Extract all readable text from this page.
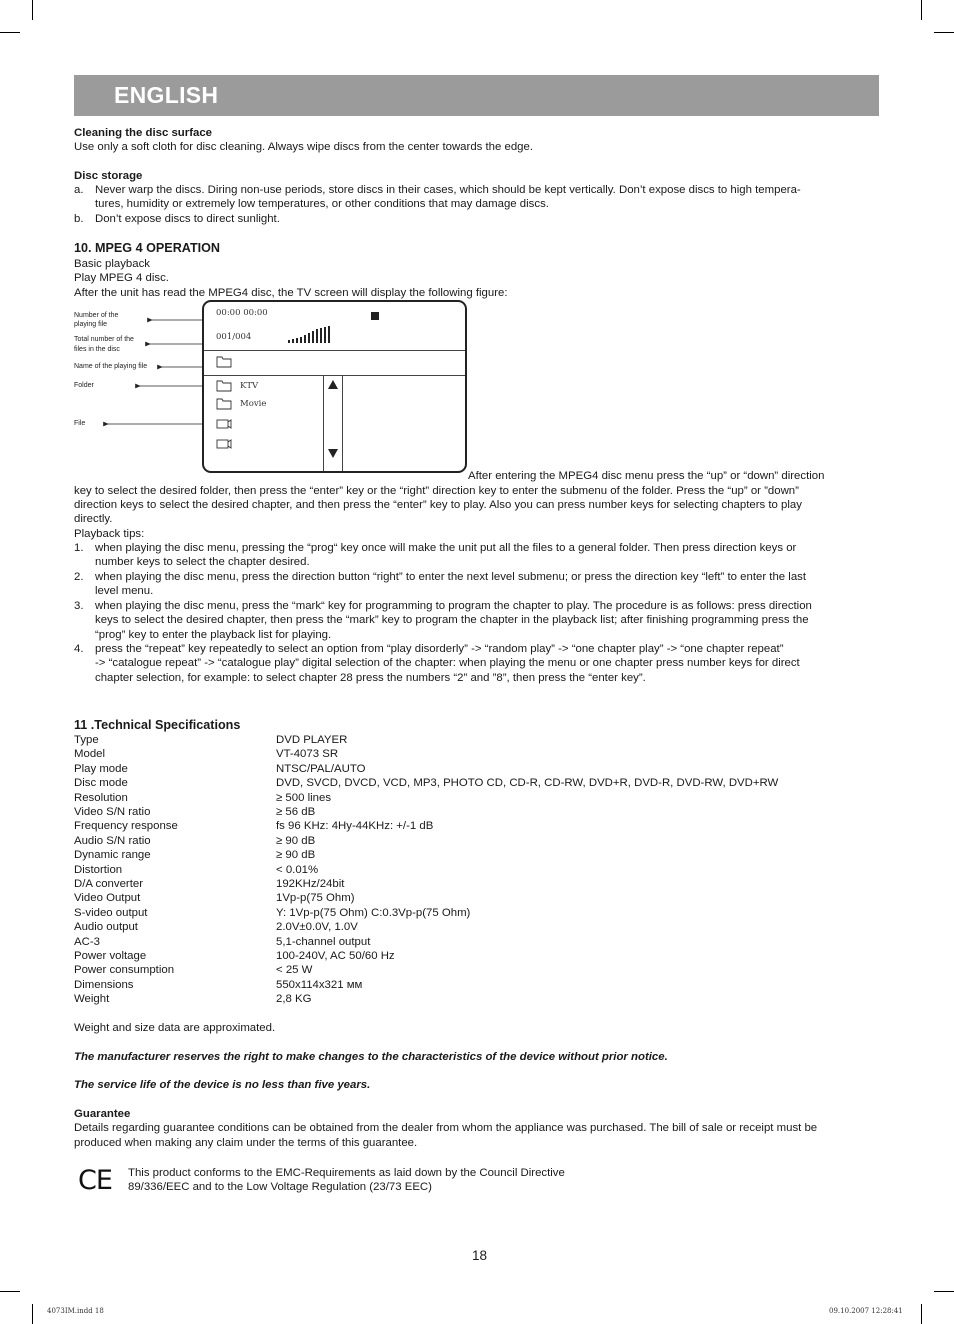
ENGLISH
Cleaning the disc surface
Use only a soft cloth for disc cleaning. Always wipe discs from the center towards the edge.
Disc storage
a. Never warp the discs. Diring non-use periods, store discs in their cases, which should be kept vertically. Don’t expose discs to high tempera-
tures, humidity or extremely low temperatures, or other conditions that may damage discs.
b. Don’t expose discs to direct sunlight.
10. MPEG 4 OPERATION
Basic playback
Play MPEG 4 disc.
After the unit has read the MPEG4 disc, the TV screen will display the following figure:
Number of the
playing file
Total number of the
files in the disc
Name of the playing file
Folder
File
00:00 00:00
001/004
KTV
Movie
After entering the MPEG4 disc menu press the “up” or “down” direction
key to select the desired folder, then press the “enter” key or the “right” direction key to enter the submenu of the folder. Press the “up” or ”down”
direction keys to select the desired chapter, and then press the “enter” key to play. Also you can press number keys for selecting chapters to play
directly.
Playback tips:
1. when playing the disc menu, pressing the “prog“ key once will make the unit put all the files to a general folder. Then press direction keys or
number keys to select the chapter desired.
2. when playing the disc menu, press the direction button “right” to enter the next level submenu; or press the direction key “left” to enter the last
level menu.
3. when playing the disc menu, press the “mark“ key for programming to program the chapter to play. The procedure is as follows: press direction
keys to select the desired chapter, then press the “mark” key to program the chapter in the playback list; after finishing programming press the
“prog” key to enter the playback list for playing.
4. press the “repeat” key repeatedly to select an option from “play disorderly” -> “random play” -> “one chapter play” -> “one chapter repeat”
-> “catalogue repeat” -> “catalogue play” digital selection of the chapter: when playing the menu or one chapter press number keys for direct
chapter selection, for example: to select chapter 28 press the numbers “2” and ”8”, then press the “enter key”.
11 .Technical Specifications
Type	DVD PLAYER
Model	VT-4073 SR
Play mode	NTSC/PAL/AUTO
Disc mode	DVD, SVCD, DVCD, VCD, MP3, PHOTO CD, CD-R, CD-RW, DVD+R, DVD-R, DVD-RW, DVD+RW
Resolution	≥ 500 lines
Video S/N ratio	≥ 56 dB
Frequency response	fs 96 KHz: 4Hy-44KHz: +/-1 dB
Audio S/N ratio	≥ 90 dB
Dynamic range	≥ 90 dB
Distortion	< 0.01%
D/A converter	192KHz/24bit
Video Output	1Vp-p(75 Ohm)
S-video output	Y: 1Vp-p(75 Ohm) C:0.3Vp-p(75 Ohm)
Audio output	2.0V±0.0V, 1.0V
AC-3	5,1-channel output
Power voltage	100-240V, AC 50/60 Hz
Power consumption	< 25 W
Dimensions	550x114x321 мм
Weight	2,8 KG
Weight and size data are approximated.
The manufacturer reserves the right to make changes to the characteristics of the device without prior notice.
The service life of the device is no less than five years.
Guarantee
Details regarding guarantee conditions can be obtained from the dealer from whom the appliance was purchased. The bill of sale or receipt must be
produced when making any claim under the terms of this guarantee.
CE	This product conforms to the EMC-Requirements as laid down by the Council Directive
89/336/EEC and to the Low Voltage Regulation (23/73 EEC)
18
4073IM.indd 18	09.10.2007 12:28:41
